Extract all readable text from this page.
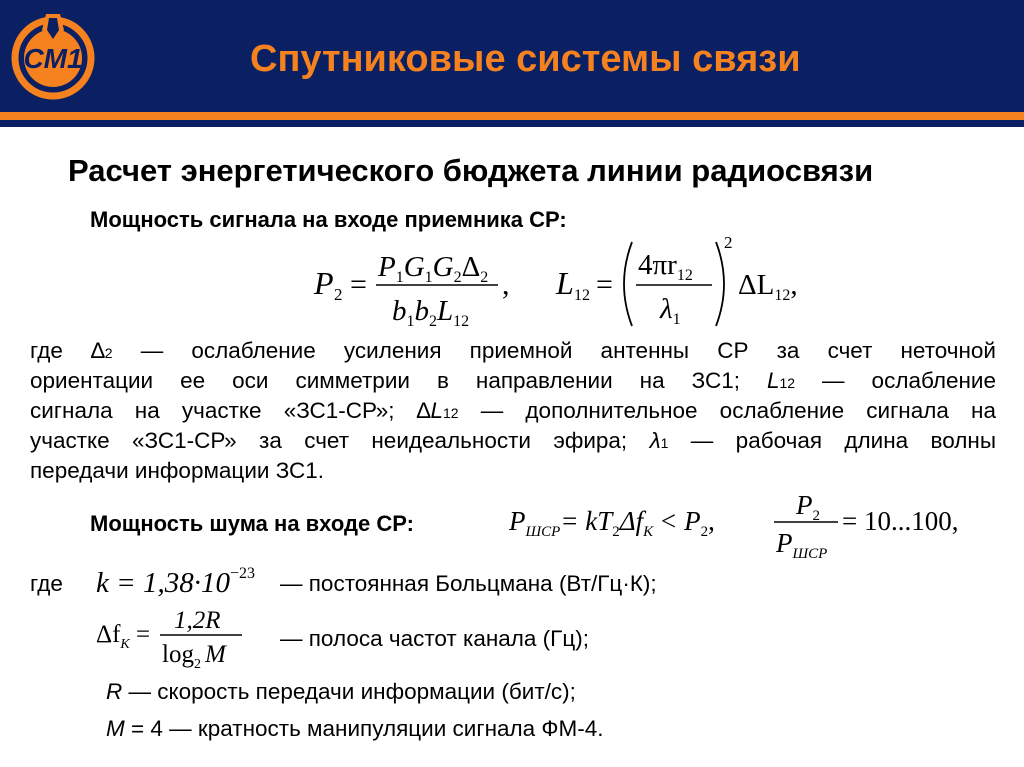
СМ1	Спутниковые системы связи
Расчет энергетического бюджета линии радиосвязи
Мощность сигнала на входе приемника СР:
P 2 =
$P_1G_1G_2\Delta_2$
$b_1b_2L_{12}$
, L 12 =
$4\pi r_{12}$
$\lambda_1$
2
$\Delta L_{12}$,
где ∆2 — ослабление усиления приемной антенны СР за счет неточной
ориентации ее оси симметрии в направлении на ЗС1; L12 — ослабление
сигнала на участке «ЗС1-СР»; ∆L12 — дополнительное ослабление сигнала на
участке «ЗС1-СР» за счет неидеальности эфира; λ1 — рабочая длина волны
передачи информации ЗС1.
Мощность шума на входе СР:	$P_{ШСР}= kT_2\Delta f_K < P_2$,
$P_2$
$P_{ШСР}$
= 10...100,
где $k = 1,38\cdot 10^{-23}$ — постоянная Больцмана (Вт/Гц·К);
$\Delta f_K$ =
1,2R
$\log_2 M$
— полоса частот канала (Гц);
R — скорость передачи информации (бит/с);
M = 4 — кратность манипуляции сигнала ФМ-4.
